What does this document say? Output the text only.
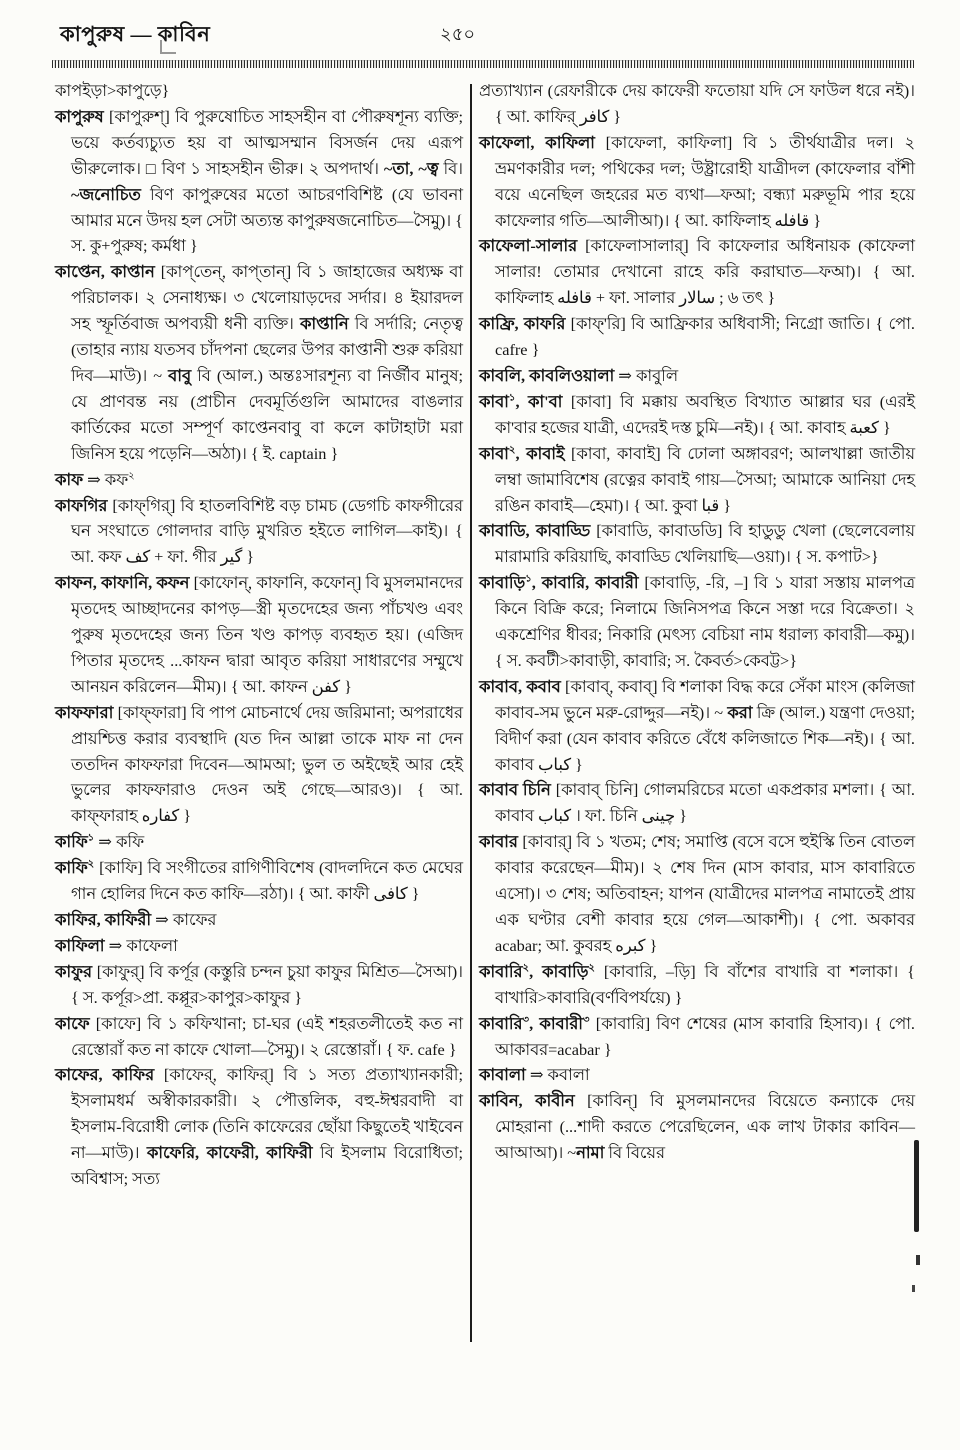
কাপুরুষ — কাবিন	২৫০

কাপইড়া>কাপুড়ে}

কাপুরুষ [কাপুরুশ্] বি পুরুষোচিত সাহসহীন বা পৌরুষশূন্য ব্যক্তি; ভয়ে কর্তব্যচ্যুত হয় বা আত্মসম্মান বিসর্জন দেয় এরূপ ভীরুলোক। □ বিণ ১ সাহসহীন ভীরু। ২ অপদার্থ। ~তা, ~ত্ব বি। ~জনোচিত বিণ কাপুরুষের মতো আচরণবিশিষ্ট (যে ভাবনা আমার মনে উদয় হল সেটা অত্যন্ত কাপুরুষজনোচিত—সৈমু)। { স. কু+পুরুষ; কর্মধা }

কাপ্তেন, কাপ্তান [কাপ্‌তেন্, কাপ্‌তান্] বি ১ জাহাজের অধ্যক্ষ বা পরিচালক। ২ সেনাধ্যক্ষ। ৩ খেলোয়াড়দের সর্দার। ৪ ইয়ারদল সহ স্ফূর্তিবাজ অপব্যয়ী ধনী ব্যক্তি। কাপ্তানি বি সর্দারি; নেতৃত্ব (তাহার ন্যায় যতসব চাঁদপনা ছেলের উপর কাপ্তানী শুরু করিয়া দিব—মাউ)। ~ বাবু বি (আল.) অন্তঃসারশূন্য বা নির্জীব মানুষ; যে প্রাণবন্ত নয় (প্রাচীন দেবমূর্তিগুলি আমাদের বাঙলার কার্তিকের মতো সম্পূর্ণ কাপ্তেনবাবু বা কলে কাটাহাটা মরা জিনিস হয়ে পড়েনি—অঠা)। { ই. captain }

কাফ ⇒ কফ$^২$

কাফগির [কাফ্‌গির্] বি হাতলবিশিষ্ট বড় চামচ (ডেগচি কাফগীরের ঘন সংঘাতে গোলদার বাড়ি মুখরিত হইতে লাগিল—কাই)। { আ. কফ كف + ফা. গীর گير }

কাফন, কাফানি, কফন [কাফোন্, কাফানি, কফোন্] বি মুসলমানদের মৃতদেহ আচ্ছাদনের কাপড়—স্ত্রী মৃতদেহের জন্য পাঁচখণ্ড এবং পুরুষ মৃতদেহের জন্য তিন খণ্ড কাপড় ব্যবহৃত হয়। (এজিদ পিতার মৃতদেহ ...কাফন দ্বারা আবৃত করিয়া সাধারণের সম্মুখে আনয়ন করিলেন—মীম)। { আ. কাফন كفن }

কাফফারা [কাফ্‌ফারা] বি পাপ মোচনার্থে দেয় জরিমানা; অপরাধের প্রায়শ্চিত্ত করার ব্যবস্থাদি (যত দিন আল্লা তাকে মাফ না দেন ততদিন কাফফারা দিবেন—আমআ; ভুল ত অইছেই আর হেই ভুলের কাফফারাও দেওন অই গেছে—আরও)। { আ. কাফ্‌ফারাহ كفاره }

কাফি$^১$ ⇒ কফি

কাফি$^২$ [কাফি] বি সংগীতের রাগিণীবিশেষ (বাদলদিনে কত মেঘের গান হোলির দিনে কত কাফি—রঠা)। { আ. কাফী كافى }

কাফির, কাফিরী ⇒ কাফের

কাফিলা ⇒ কাফেলা

কাফুর [কাফুর্] বি কর্পূর (কস্তুরি চন্দন চুয়া কাফুর মিশ্রিত—সৈআ)। { স. কর্পূর>প্রা. কপ্পূর>কাপুর>কাফুর }

কাফে [কাফে] বি ১ কফিখানা; চা-ঘর (এই শহরতলীতেই কত না রেস্তোরাঁ কত না কাফে খোলা—সৈমু)। ২ রেস্তোরাঁ। { ফ. cafe }

কাফের, কাফির [কাফের্, কাফির্] বি ১ সত্য প্রত্যাখ্যানকারী; ইসলামধর্ম অস্বীকারকারী। ২ পৌত্তলিক, বহু-ঈশ্বরবাদী বা ইসলাম-বিরোধী লোক (তিনি কাফেরের ছোঁয়া কিছুতেই খাইবেন না—মাউ)। কাফেরি, কাফেরী, কাফিরী বি ইসলাম বিরোধিতা; অবিশ্বাস; সত্য

প্রত্যাখ্যান (রেফারীকে দেয় কাফেরী ফতোয়া যদি সে ফাউল ধরে নই)। { আ. কাফির্ كافر }

কাফেলা, কাফিলা [কাফেলা, কাফিলা] বি ১ তীর্থযাত্রীর দল। ২ ভ্রমণকারীর দল; পথিকের দল; উষ্ট্রারোহী যাত্রীদল (কাফেলার বাঁশী বয়ে এনেছিল জহরের মত ব্যথা—ফআ; বন্ধ্যা মরুভূমি পার হয়ে কাফেলার গতি—আলীআ)। { আ. কাফিলাহ قافله }

কাফেলা-সালার [কাফেলাসালার্] বি কাফেলার অধিনায়ক (কাফেলা সালার! তোমার দেখানো রাহে করি করাঘাত—ফআ)। { আ. কাফিলাহ قافله + ফা. সালার سالار ; ৬ তৎ }

কাফ্রি, কাফরি [কাফ্‌'রি] বি আফ্রিকার অধিবাসী; নিগ্রো জাতি। { পো. cafre }

কাবলি, কাবলিওয়ালা ⇒ কাবুলি

কাবা$^১$, কা'বা [কাবা] বি মক্কায় অবস্থিত বিখ্যাত আল্লার ঘর (এরই কা'বার হজের যাত্রী, এদেরই দস্ত চুমি—নই)। { আ. কাবাহ كعبة }

কাবা$^২$, কাবাই [কাবা, কাবাই] বি ঢোলা অঙ্গাবরণ; আলখাল্লা জাতীয় লম্বা জামাবিশেষ (রত্নের কাবাই গায়—সৈআ; আমাকে আনিয়া দেহ রঙিন কাবাই—হেমা)। { আ. কুবা قبا }

কাবাডি, কাবাড্ডি [কাবাডি, কাবাডডি] বি হাডুডু খেলা (ছেলেবেলায় মারামারি করিয়াছি, কাবাড্ডি খেলিয়াছি—ওয়া)। { স. কপাট>}

কাবাড়ি$^১$, কাবারি, কাবারী [কাবাড়ি, -রি, –] বি ১ যারা সস্তায় মালপত্র কিনে বিক্রি করে; নিলামে জিনিসপত্র কিনে সস্তা দরে বিক্রেতা। ২ একশ্রেণির ধীবর; নিকারি (মৎস্য বেচিয়া নাম ধরাল্য কাবারী—কমু)। { স. কবটী>কাবাড়ী, কাবারি; স. কৈবর্ত>কেবট্ট>}

কাবাব, কবাব [কাবাব্, কবাব্] বি শলাকা বিদ্ধ করে সেঁকা মাংস (কলিজা কাবাব-সম ভুনে মরু-রোদ্দুর—নই)। ~ করা ক্রি (আল.) যন্ত্রণা দেওয়া; বিদীর্ণ করা (যেন কাবাব করিতে বেঁধে কলিজাতে শিক—নই)। { আ. কাবাব كباب }

কাবাব চিনি [কাবাব্ চিনি] গোলমরিচের মতো একপ্রকার মশলা। { আ. কাবাব كباب । ফা. চিনি چينى }

কাবার [কাবার্] বি ১ খতম; শেষ; সমাপ্তি (বসে বসে হুইস্কি তিন বোতল কাবার করেছেন—মীম)। ২ শেষ দিন (মাস কাবার, মাস কাবারিতে এসো)। ৩ শেষ; অতিবাহন; যাপন (যাত্রীদের মালপত্র নামাতেই প্রায় এক ঘণ্টার বেশী কাবার হয়ে গেল—আকাশী)। { পো. অকাবর acabar; আ. কুবরহ كبره }

কাবারি$^২$, কাবাড়ি$^২$ [কাবারি, –ড়ি] বি বাঁশের বাখারি বা শলাকা। { বাখারি>কাবারি(বর্ণবিপর্যয়ে) }

কাবারি$^৩$, কাবারী$^৩$ [কাবারি] বিণ শেষের (মাস কাবারি হিসাব)। { পো. আকাবর=acabar }

কাবালা ⇒ কবালা

কাবিন, কাবীন [কাবিন্] বি মুসলমানদের বিয়েতে কন্যাকে দেয় মোহরানা (...শাদী করতে পেরেছিলেন, এক লাখ টাকার কাবিন—আআআ)। ~নামা বি বিয়ের
